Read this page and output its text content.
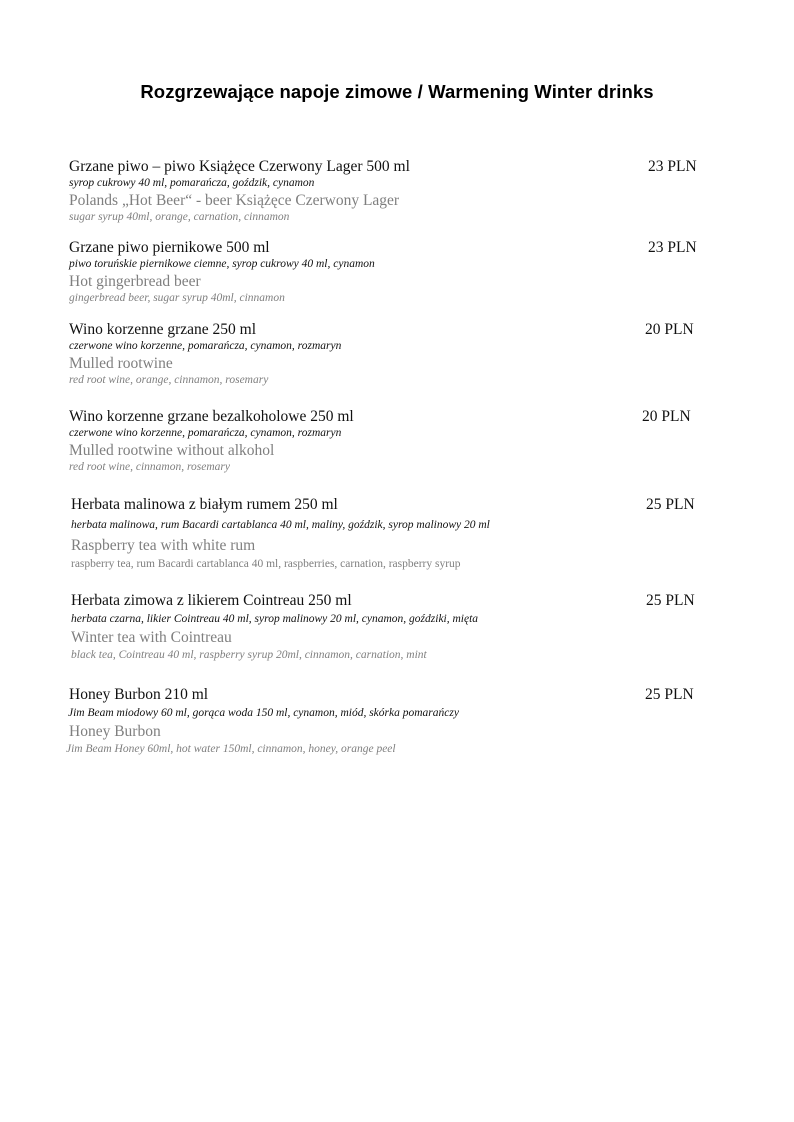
Rozgrzewające napoje zimowe / Warmening Winter drinks
Grzane piwo – piwo Książęce Czerwony Lager 500 ml
syrop cukrowy 40 ml, pomarańcza, goździk, cynamon
Polands „Hot Beer“ - beer Książęce Czerwony Lager
sugar syrup 40ml, orange, carnation, cinnamon
23 PLN
Grzane piwo piernikowe 500 ml
piwo toruńskie piernikowe ciemne, syrop cukrowy 40 ml, cynamon
Hot gingerbread beer
gingerbread beer, sugar syrup 40ml, cinnamon
23 PLN
Wino korzenne grzane 250 ml
czerwone wino korzenne, pomarańcza, cynamon, rozmaryn
Mulled rootwine
red root wine, orange, cinnamon, rosemary
20 PLN
Wino korzenne grzane bezalkoholowe 250 ml
czerwone wino korzenne, pomarańcza, cynamon, rozmaryn
Mulled rootwine without alkohol
red root wine, cinnamon, rosemary
20 PLN
Herbata malinowa z białym rumem 250 ml
herbata malinowa, rum Bacardi cartablanca 40 ml, maliny, goździk, syrop malinowy 20 ml
Raspberry tea with white rum
raspberry tea, rum Bacardi cartablanca 40 ml, raspberries, carnation, raspberry syrup
25 PLN
Herbata zimowa z likierem Cointreau 250 ml
herbata czarna, likier Cointreau 40 ml, syrop malinowy 20 ml, cynamon, goździki, mięta
Winter tea with Cointreau
black tea, Cointreau 40 ml, raspberry syrup 20ml, cinnamon, carnation, mint
25 PLN
Honey Burbon 210 ml
Jim Beam miodowy 60 ml, gorąca woda 150 ml, cynamon, miód, skórka pomarańczy
Honey Burbon
Jim Beam Honey 60ml, hot water 150ml, cinnamon, honey, orange peel
25 PLN
